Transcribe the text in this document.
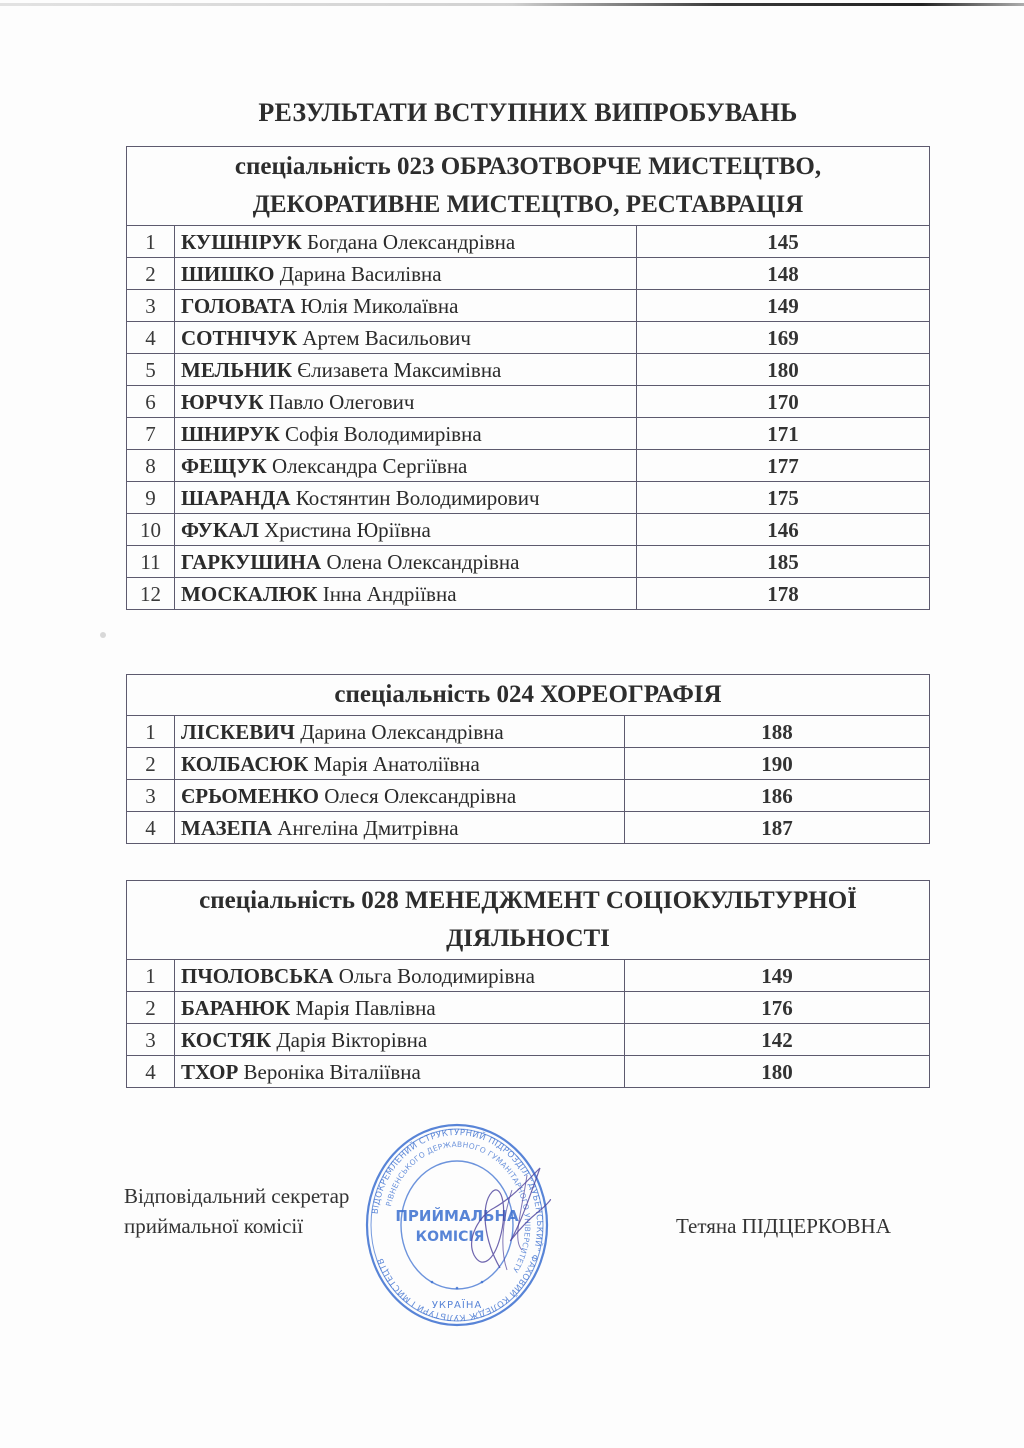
РЕЗУЛЬТАТИ ВСТУПНИХ ВИПРОБУВАНЬ
спеціальність 023 ОБРАЗОТВОРЧЕ МИСТЕЦТВО,
ДЕКОРАТИВНЕ МИСТЕЦТВО, РЕСТАВРАЦІЯ		

1	КУШНІРУК Богдана Олександрівна	145
2	ШИШКО Дарина Василівна	148
3	ГОЛОВАТА Юлія Миколаївна	149
4	СОТНІЧУК Артем Васильович	169
5	МЕЛЬНИК Єлизавета Максимівна	180
6	ЮРЧУК Павло Олегович	170
7	ШНИРУК Софія Володимирівна	171
8	ФЕЩУК Олександра Сергіївна	177
9	ШАРАНДА Костянтин Володимирович	175
10	ФУКАЛ Христина Юріївна	146
11	ГАРКУШИНА Олена Олександрівна	185
12	МОСКАЛЮК Інна Андріївна	178
спеціальність 024 ХОРЕОГРАФІЯ		

1	ЛІСКЕВИЧ Дарина Олександрівна	188
2	КОЛБАСЮК Марія Анатоліївна	190
3	ЄРЬОМЕНКО Олеся Олександрівна	186
4	МАЗЕПА Ангеліна Дмитрівна	187
спеціальність 028 МЕНЕДЖМЕНТ СОЦІОКУЛЬТУРНОЇ
ДІЯЛЬНОСТІ		

1	ПЧОЛОВСЬКА Ольга Володимирівна	149
2	БАРАНЮК Марія Павлівна	176
3	КОСТЯК Дарія Вікторівна	142
4	ТХОР Вероніка Віталіївна	180
Відповідальний секретар
приймальної комісії	Тетяна ПІДЦЕРКОВНА
ВІДОКРЕМЛЕНИЙ СТРУКТУРНИЙ ПІДРОЗДІЛ "ДУБЕНСЬКИЙ" ФАХОВИЙ КОЛЕДЖ КУЛЬТУРИ І МИСТЕЦТВ
РІВНЕНСЬКОГО ДЕРЖАВНОГО ГУМАНІТАРНОГО УНІВЕРСИТЕТУ
ПРИЙМАЛЬНА
КОМІСІЯ
УКРАЇНА
